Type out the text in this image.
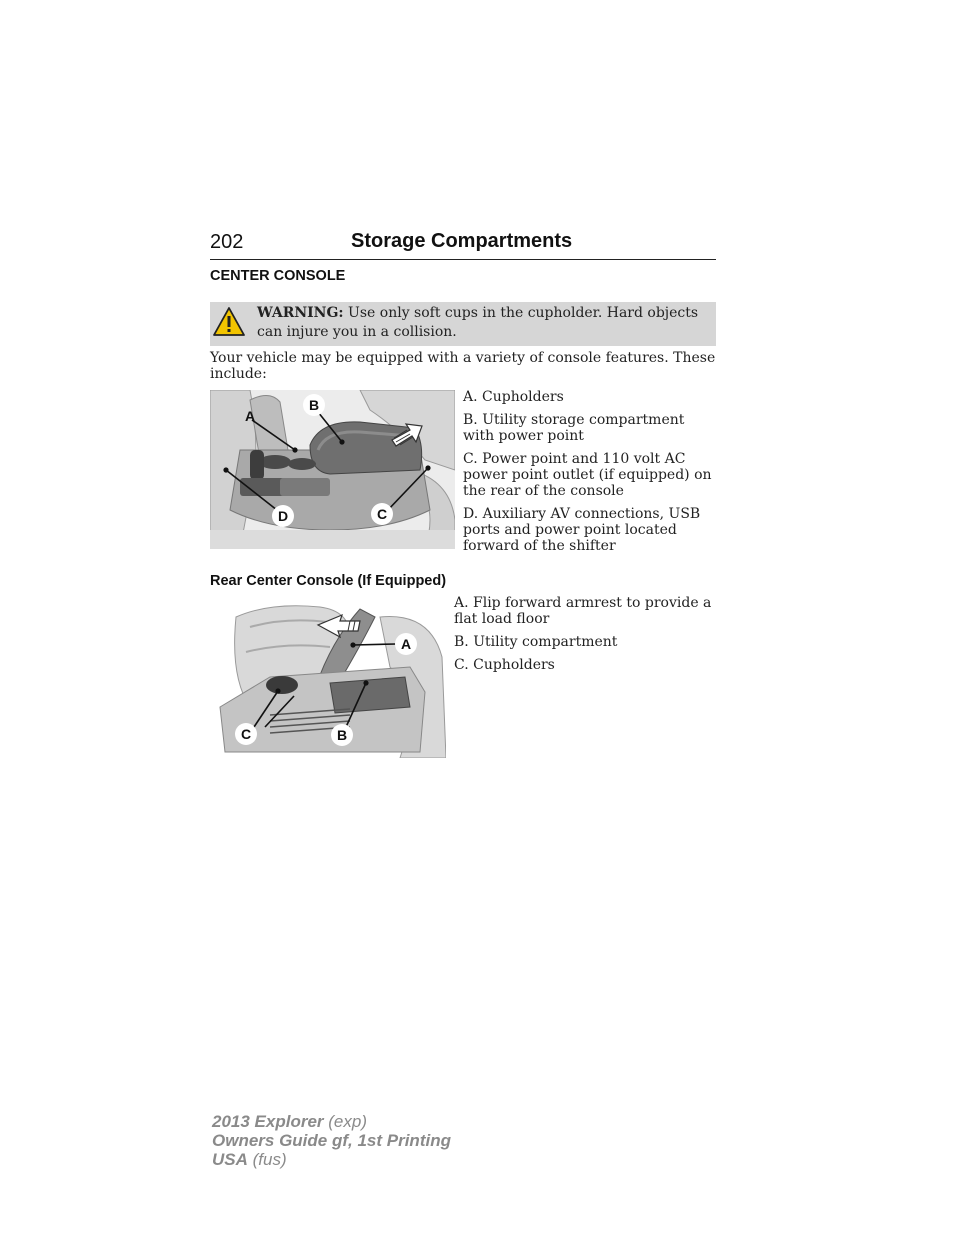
202	Storage Compartments
CENTER CONSOLE
WARNING: Use only soft cups in the cupholder. Hard objects can injure you in a collision.
Your vehicle may be equipped with a variety of console features. These include:
A
B
C
D
A. Cupholders
B. Utility storage compartment with power point
C. Power point and 110 volt AC power point outlet (if equipped) on the rear of the console
D. Auxiliary AV connections, USB ports and power point located forward of the shifter
Rear Center Console (If Equipped)
A
B
C
A. Flip forward armrest to provide a flat load floor
B. Utility compartment
C. Cupholders
2013 Explorer (exp)
Owners Guide gf, 1st Printing
USA (fus)
